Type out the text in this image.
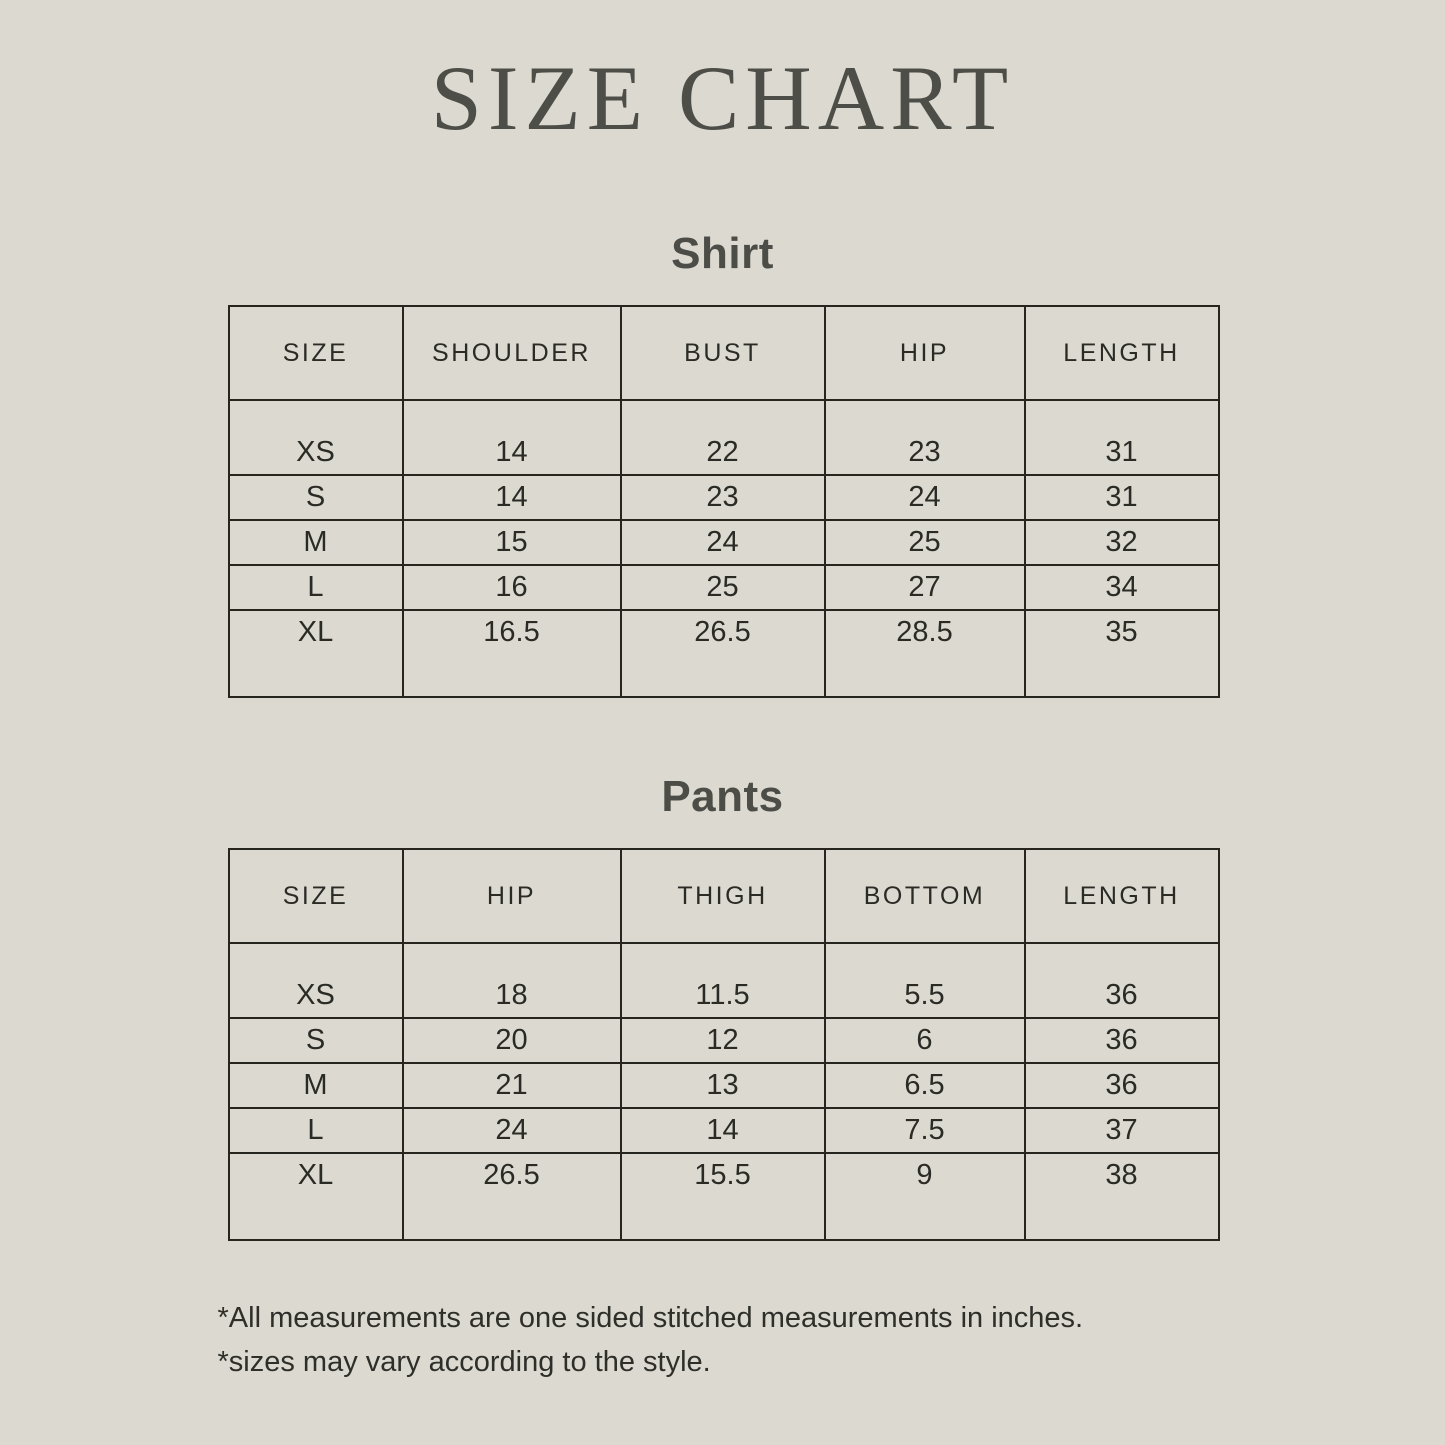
SIZE CHART
Shirt
SIZE	SHOULDER	BUST	HIP	LENGTH
XS	14	22	23	31
S	14	23	24	31
M	15	24	25	32
L	16	25	27	34
XL	16.5	26.5	28.5	35
Pants
SIZE	HIP	THIGH	BOTTOM	LENGTH
XS	18	11.5	5.5	36
S	20	12	6	36
M	21	13	6.5	36
L	24	14	7.5	37
XL	26.5	15.5	9	38
*All measurements are one sided stitched measurements in inches.
*sizes may vary according to the style.
